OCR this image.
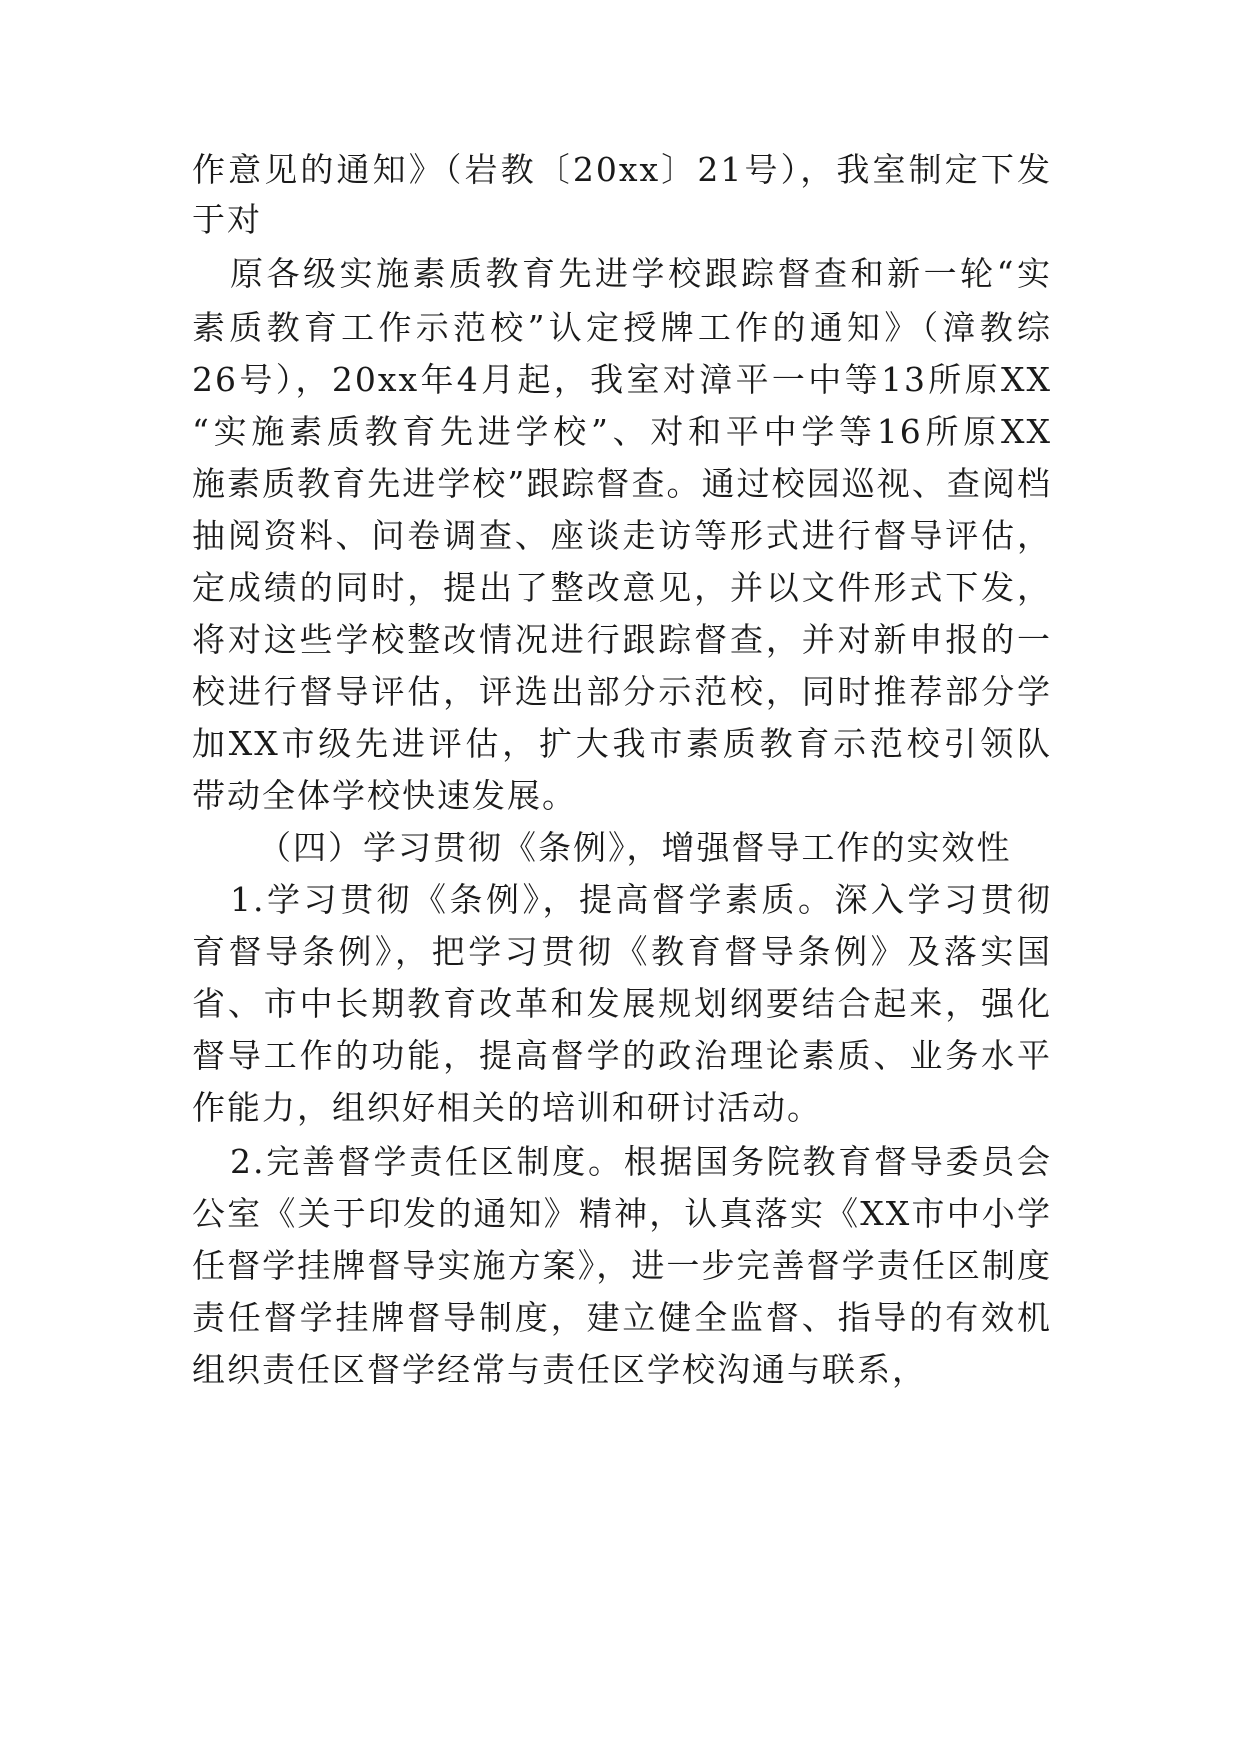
作意见的通知》（岩教〔20xx〕21号），我室制定下发
于对
原各级实施素质教育先进学校跟踪督查和新一轮“实
素质教育工作示范校”认定授牌工作的通知》（漳教综
26号），20xx年4月起，我室对漳平一中等13所原XX
“实施素质教育先进学校”、对和平中学等16所原XX
施素质教育先进学校”跟踪督查。通过校园巡视、查阅档
抽阅资料、问卷调查、座谈走访等形式进行督导评估，
定成绩的同时，提出了整改意见，并以文件形式下发，
将对这些学校整改情况进行跟踪督查，并对新申报的一
校进行督导评估，评选出部分示范校，同时推荐部分学
加XX市级先进评估，扩大我市素质教育示范校引领队
带动全体学校快速发展。
（四）学习贯彻《条例》，增强督导工作的实效性
1.学习贯彻《条例》，提高督学素质。深入学习贯彻
育督导条例》，把学习贯彻《教育督导条例》及落实国
省、市中长期教育改革和发展规划纲要结合起来，强化
督导工作的功能，提高督学的政治理论素质、业务水平
作能力，组织好相关的培训和研讨活动。
2.完善督学责任区制度。根据国务院教育督导委员会
公室《关于印发的通知》精神，认真落实《XX市中小学
任督学挂牌督导实施方案》，进一步完善督学责任区制度
责任督学挂牌督导制度，建立健全监督、指导的有效机
组织责任区督学经常与责任区学校沟通与联系，
